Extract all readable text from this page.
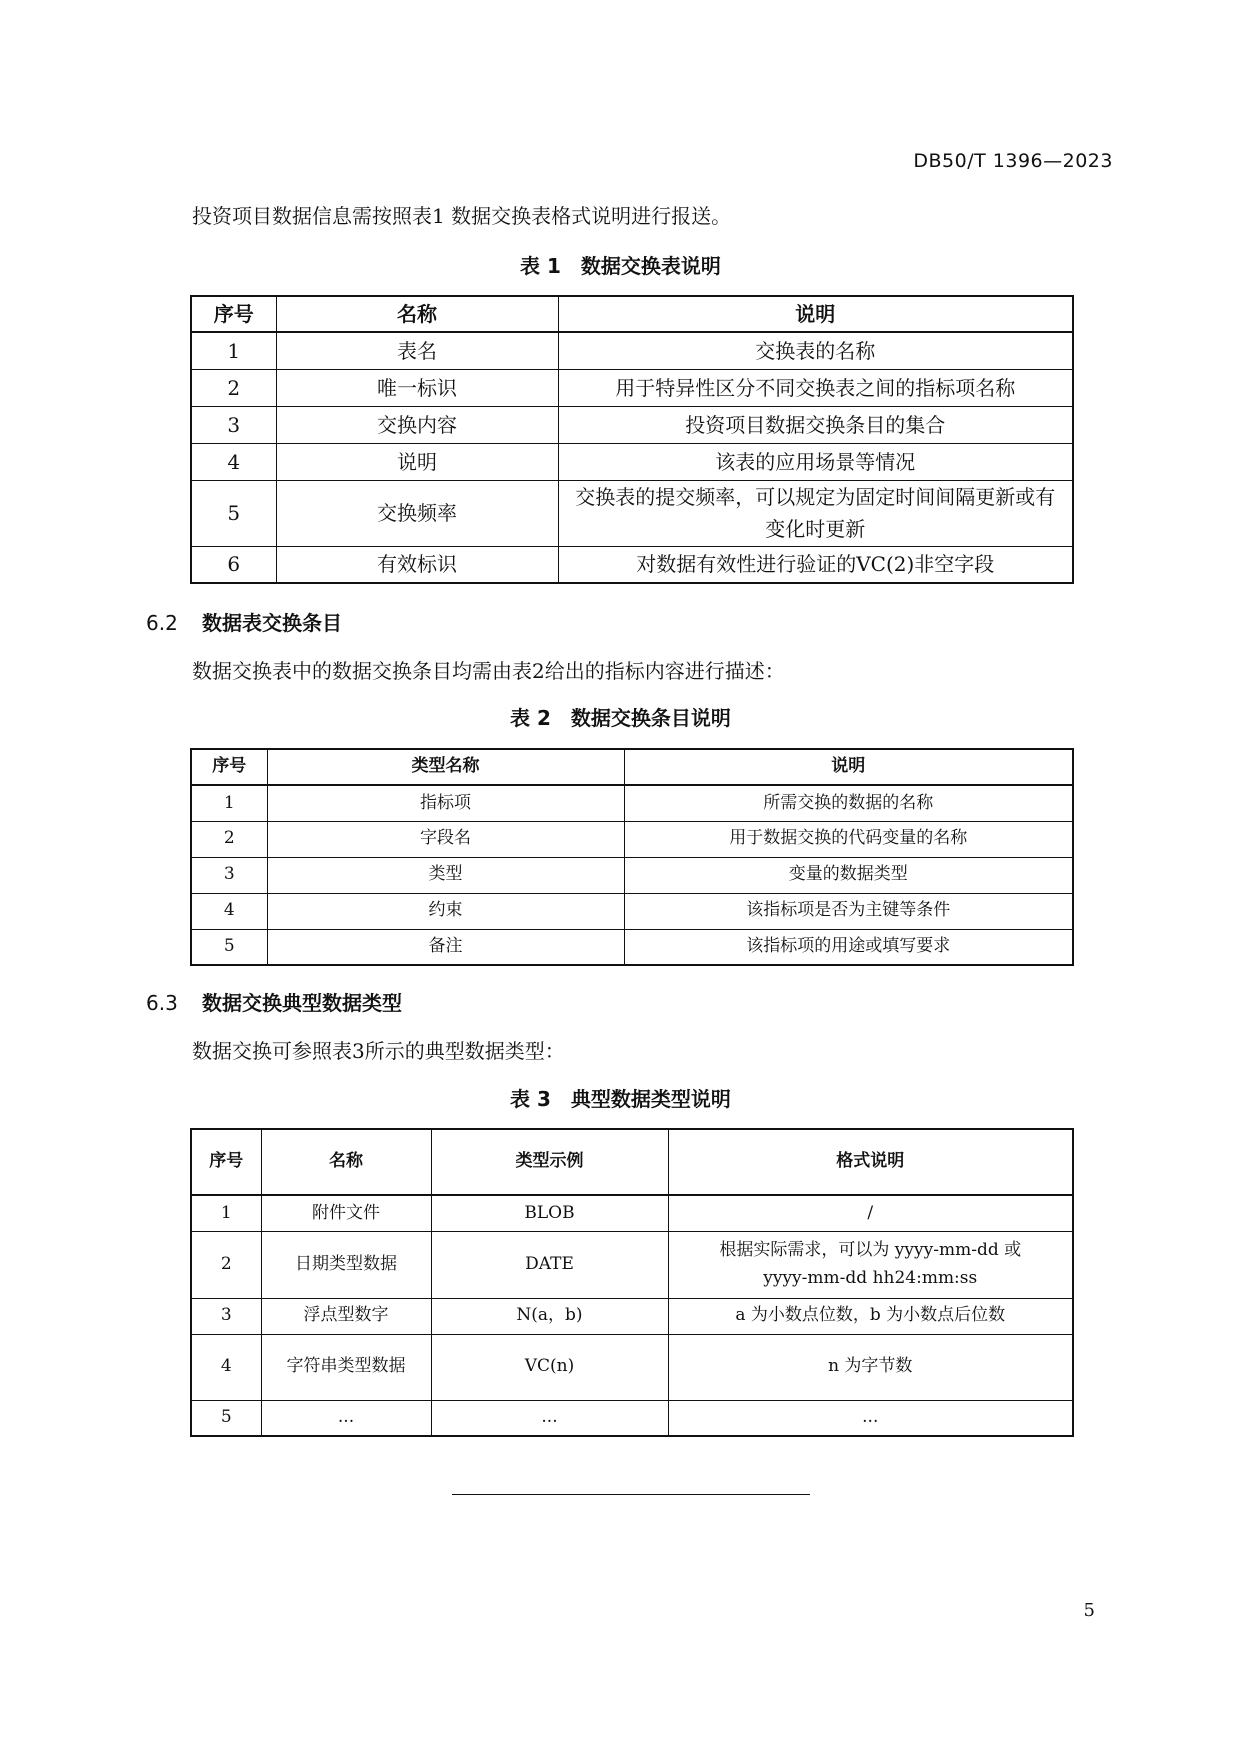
DB50/T 1396—2023
投资项目数据信息需按照表1 数据交换表格式说明进行报送。
表 1　数据交换表说明
序号	名称	说明
1	表名	交换表的名称
2	唯一标识	用于特异性区分不同交换表之间的指标项名称
3	交换内容	投资项目数据交换条目的集合
4	说明	该表的应用场景等情况
5	交换频率	交换表的提交频率，可以规定为固定时间间隔更新或有变化时更新
6	有效标识	对数据有效性进行验证的VC(2)非空字段
6.2 数据表交换条目
数据交换表中的数据交换条目均需由表2给出的指标内容进行描述：
表 2　数据交换条目说明
序号	类型名称	说明
1	指标项	所需交换的数据的名称
2	字段名	用于数据交换的代码变量的名称
3	类型	变量的数据类型
4	约束	该指标项是否为主键等条件
5	备注	该指标项的用途或填写要求
6.3 数据交换典型数据类型
数据交换可参照表3所示的典型数据类型：
表 3　典型数据类型说明
序号	名称	类型示例	格式说明
1	附件文件	BLOB	/
2	日期类型数据	DATE	根据实际需求，可以为 yyyy-mm-dd 或 yyyy-mm-dd hh24:mm:ss
3	浮点型数字	N(a，b)	a 为小数点位数，b 为小数点后位数
4	字符串类型数据	VC(n)	n 为字节数
5	...	...	...
5
